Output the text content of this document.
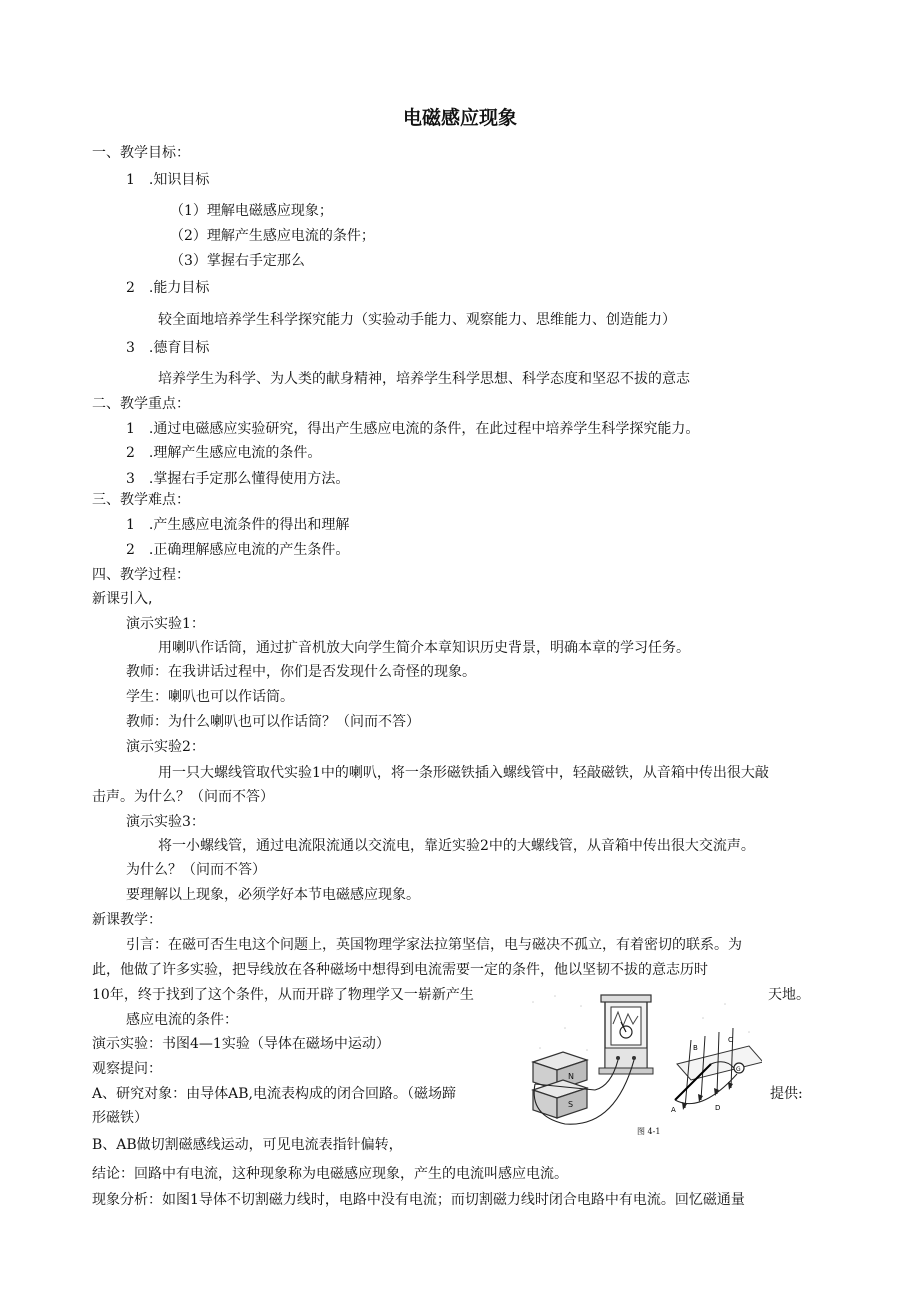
电磁感应现象

一、教学目标：

1　.知识目标

（1）理解电磁感应现象；

（2）理解产生感应电流的条件；

（3）掌握右手定那么

2　.能力目标

较全面地培养学生科学探究能力（实验动手能力、观察能力、思维能力、创造能力）

3　.德育目标

培养学生为科学、为人类的献身精神，培养学生科学思想、科学态度和坚忍不拔的意志

二、教学重点：

1　.通过电磁感应实验研究，得出产生感应电流的条件，在此过程中培养学生科学探究能力。

2　.理解产生感应电流的条件。

3　.掌握右手定那么懂得使用方法。

三、教学难点：

1　.产生感应电流条件的得出和理解

2　.正确理解感应电流的产生条件。

四、教学过程：

新课引入,

演示实验1：

用喇叭作话筒，通过扩音机放大向学生简介本章知识历史背景，明确本章的学习任务。

教师：在我讲话过程中，你们是否发现什么奇怪的现象。

学生：喇叭也可以作话筒。

教师：为什么喇叭也可以作话筒？（问而不答）

演示实验2：

用一只大螺线管取代实验1中的喇叭，将一条形磁铁插入螺线管中，轻敲磁铁，从音箱中传出很大敲

击声。为什么？（问而不答）

演示实验3：

将一小螺线管，通过电流限流通以交流电，靠近实验2中的大螺线管，从音箱中传出很大交流声。

为什么？（问而不答）

要理解以上现象，必须学好本节电磁感应现象。

新课教学：

引言：在磁可否生电这个问题上，英国物理学家法拉第坚信，电与磁决不孤立，有着密切的联系。为

此，他做了许多实验，把导线放在各种磁场中想得到电流需要一定的条件，他以坚韧不拔的意志历时

10年，终于找到了这个条件，从而开辟了物理学又一崭新产生	天地。

感应电流的条件：

演示实验：书图4—1实验（导体在磁场中运动）

观察提问：

A、研究对象：由导体AB,电流表构成的闭合回路。（磁场蹄	提供:

形磁铁）

B、AB做切割磁感线运动，可见电流表指针偏转，

结论：回路中有电流，这种现象称为电磁感应现象，产生的电流叫感应电流。

现象分析：如图1导体不切割磁力线时，电路中没有电流；而切割磁力线时闭合电路中有电流。回忆磁通量

N
S
A
B
C
D
G
图 4-1
